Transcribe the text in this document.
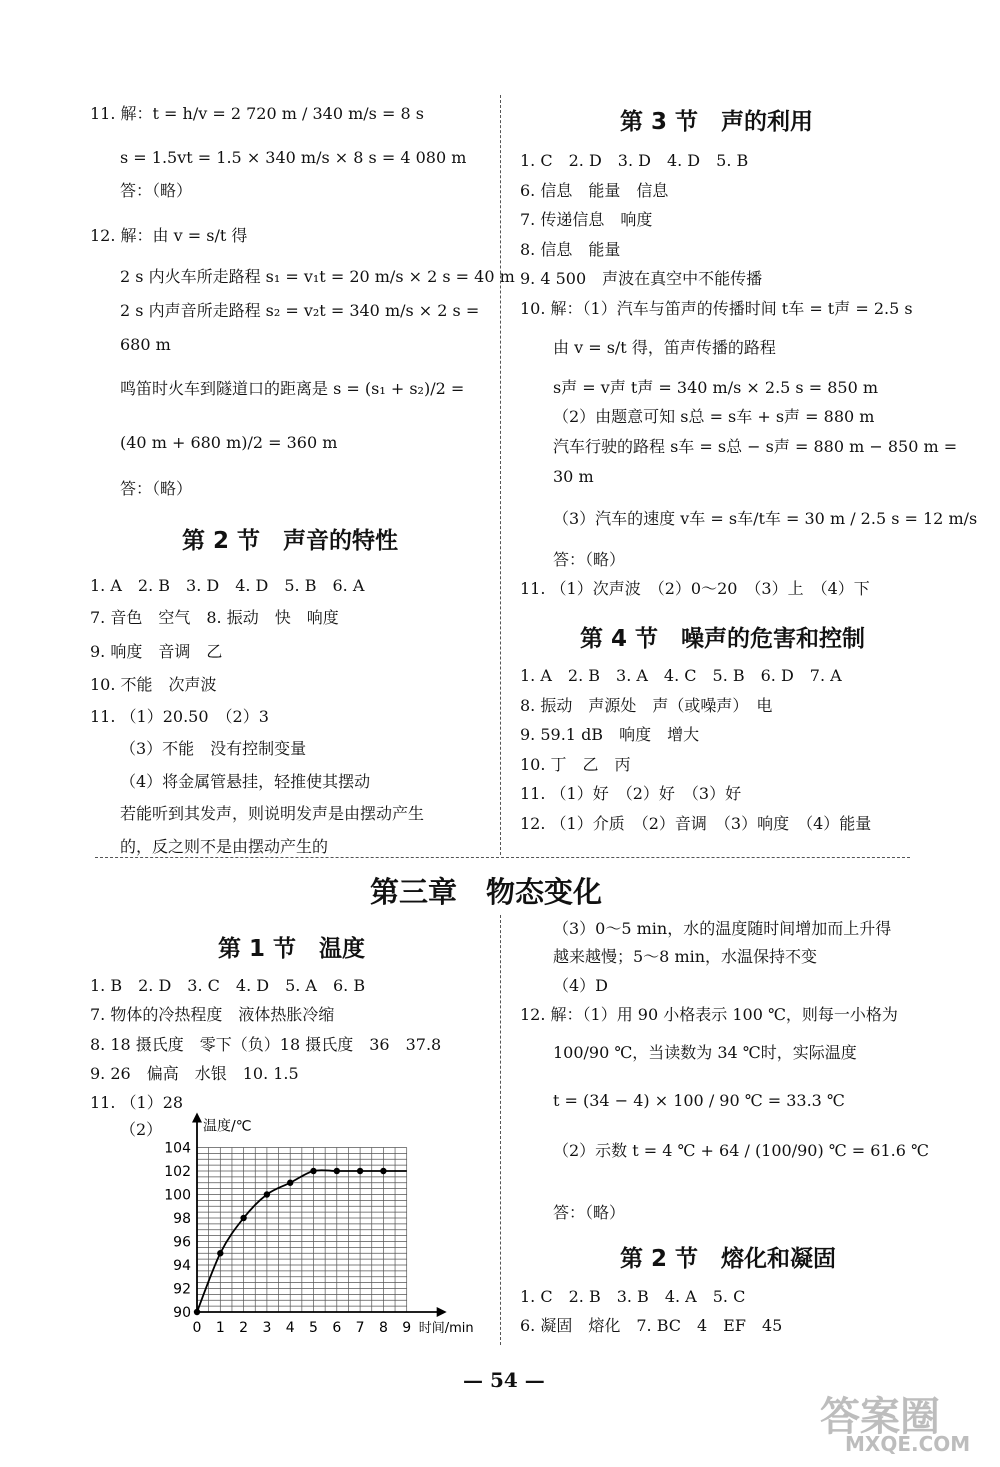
11. 解：t = h/v = 2 720 m / 340 m/s = 8 s
s = 1.5vt = 1.5 × 340 m/s × 8 s = 4 080 m
答：（略）
12. 解：由 v = s/t 得
2 s 内火车所走路程 s₁ = v₁t = 20 m/s × 2 s = 40 m
2 s 内声音所走路程 s₂ = v₂t = 340 m/s × 2 s =
680 m
鸣笛时火车到隧道口的距离是 s = (s₁ + s₂)/2 =
(40 m + 680 m)/2 = 360 m
答：（略）
第 2 节　声音的特性
1. A　2. B　3. D　4. D　5. B　6. A
7. 音色　空气　8. 振动　快　响度
9. 响度　音调　乙
10. 不能　次声波
11. （1）20.50　（2）3
（3）不能　没有控制变量
（4）将金属管悬挂，轻推使其摆动
若能听到其发声，则说明发声是由摆动产生
的，反之则不是由摆动产生的
第 3 节　声的利用
1. C　2. D　3. D　4. D　5. B
6. 信息　能量　信息
7. 传递信息　响度
8. 信息　能量
9. 4 500　声波在真空中不能传播
10. 解：（1）汽车与笛声的传播时间 t车 = t声 = 2.5 s
由 v = s/t 得，笛声传播的路程
s声 = v声 t声 = 340 m/s × 2.5 s = 850 m
（2）由题意可知 s总 = s车 + s声 = 880 m
汽车行驶的路程 s车 = s总 − s声 = 880 m − 850 m =
30 m
（3）汽车的速度 v车 = s车/t车 = 30 m / 2.5 s = 12 m/s
答：（略）
11. （1）次声波　（2）0～20　（3）上　（4）下
第 4 节　噪声的危害和控制
1. A　2. B　3. A　4. C　5. B　6. D　7. A
8. 振动　声源处　声（或噪声）　电
9. 59.1 dB　响度　增大
10. 丁　乙　丙
11. （1）好　（2）好　（3）好
12. （1）介质　（2）音调　（3）响度　（4）能量
第三章　物态变化
第 1 节　温度
1. B　2. D　3. C　4. D　5. A　6. B
7. 物体的冷热程度　液体热胀冷缩
8. 18 摄氏度　零下（负）18 摄氏度　36　37.8
9. 26　偏高　水银　10. 1.5
11. （1）28
（2）
0 1 2 3 4 5 6 7 8 9
90
92
94
96
98
100
102
104
时间/min
温度/℃
（3）0～5 min，水的温度随时间增加而上升得
越来越慢；5～8 min，水温保持不变
（4）D
12. 解：（1）用 90 小格表示 100 ℃，则每一小格为
100/90 ℃，当读数为 34 ℃时，实际温度
t = (34 − 4) × 100 / 90 ℃ = 33.3 ℃
（2）示数 t = 4 ℃ + 64 / (100/90) ℃ = 61.6 ℃
答：（略）
第 2 节　熔化和凝固
1. C　2. B　3. B　4. A　5. C
6. 凝固　熔化　7. BC　4　EF　45
— 54 —
答案圈
MXQE.COM
